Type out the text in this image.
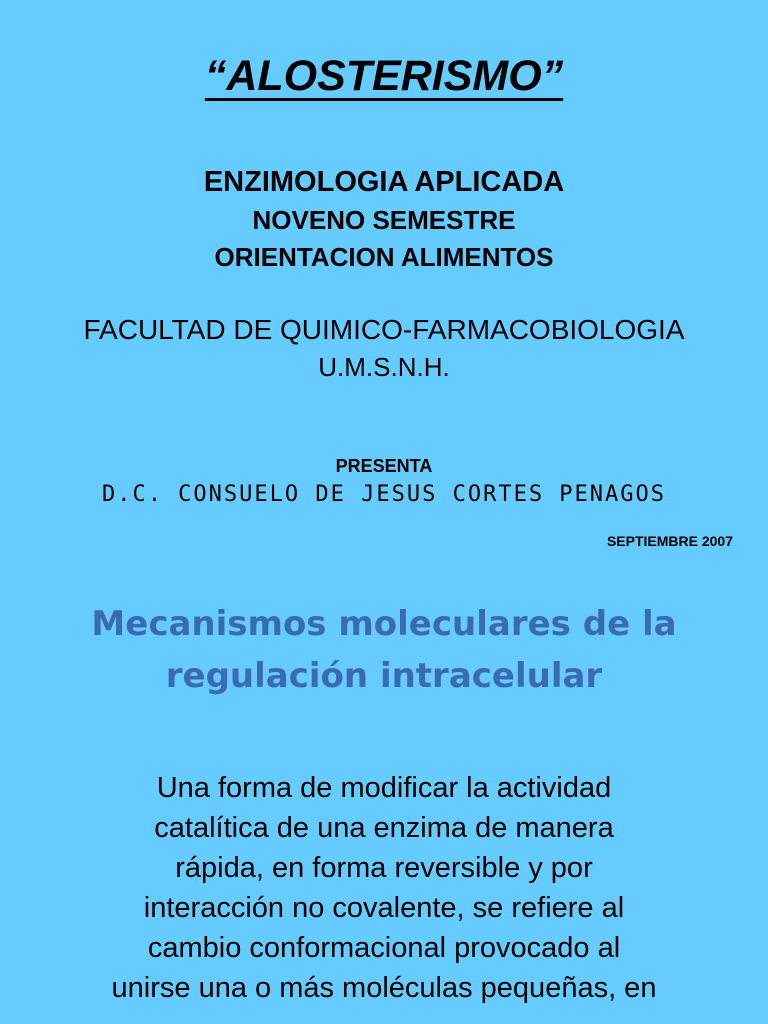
“ALOSTERISMO”
ENZIMOLOGIA APLICADA
NOVENO SEMESTRE
ORIENTACION ALIMENTOS
FACULTAD DE QUIMICO-FARMACOBIOLOGIA
U.M.S.N.H.
PRESENTA
D.C. CONSUELO DE JESUS CORTES PENAGOS
SEPTIEMBRE 2007
Mecanismos moleculares de la
regulación intracelular
Una forma de modificar la actividad
catalítica de una enzima de manera
rápida, en forma reversible y por
interacción no covalente, se refiere al
cambio conformacional provocado al
unirse una o más moléculas pequeñas, en
